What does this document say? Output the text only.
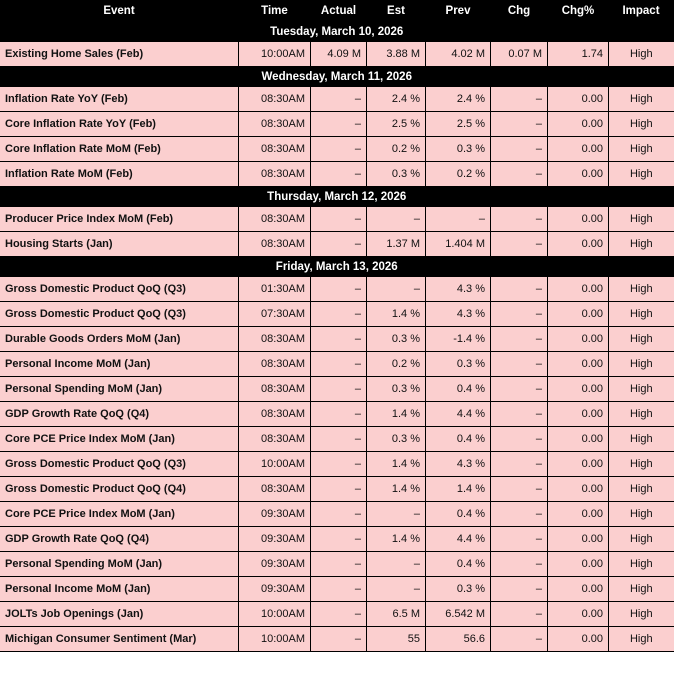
Event	Time	Actual	Est	Prev	Chg	Chg%	Impact
Tuesday, March 10, 2026							
Existing Home Sales (Feb)	10:00AM	4.09 M	3.88 M	4.02 M	0.07 M	1.74	High
Wednesday, March 11, 2026							
Inflation Rate YoY (Feb)	08:30AM	–	2.4 %	2.4 %	–	0.00	High
Core Inflation Rate YoY (Feb)	08:30AM	–	2.5 %	2.5 %	–	0.00	High
Core Inflation Rate MoM (Feb)	08:30AM	–	0.2 %	0.3 %	–	0.00	High
Inflation Rate MoM (Feb)	08:30AM	–	0.3 %	0.2 %	–	0.00	High
Thursday, March 12, 2026							
Producer Price Index MoM (Feb)	08:30AM	–	–	–	–	0.00	High
Housing Starts (Jan)	08:30AM	–	1.37 M	1.404 M	–	0.00	High
Friday, March 13, 2026							
Gross Domestic Product QoQ (Q3)	01:30AM	–	–	4.3 %	–	0.00	High
Gross Domestic Product QoQ (Q3)	07:30AM	–	1.4 %	4.3 %	–	0.00	High
Durable Goods Orders MoM (Jan)	08:30AM	–	0.3 %	-1.4 %	–	0.00	High
Personal Income MoM (Jan)	08:30AM	–	0.2 %	0.3 %	–	0.00	High
Personal Spending MoM (Jan)	08:30AM	–	0.3 %	0.4 %	–	0.00	High
GDP Growth Rate QoQ (Q4)	08:30AM	–	1.4 %	4.4 %	–	0.00	High
Core PCE Price Index MoM (Jan)	08:30AM	–	0.3 %	0.4 %	–	0.00	High
Gross Domestic Product QoQ (Q3)	10:00AM	–	1.4 %	4.3 %	–	0.00	High
Gross Domestic Product QoQ (Q4)	08:30AM	–	1.4 %	1.4 %	–	0.00	High
Core PCE Price Index MoM (Jan)	09:30AM	–	–	0.4 %	–	0.00	High
GDP Growth Rate QoQ (Q4)	09:30AM	–	1.4 %	4.4 %	–	0.00	High
Personal Spending MoM (Jan)	09:30AM	–	–	0.4 %	–	0.00	High
Personal Income MoM (Jan)	09:30AM	–	–	0.3 %	–	0.00	High
JOLTs Job Openings (Jan)	10:00AM	–	6.5 M	6.542 M	–	0.00	High
Michigan Consumer Sentiment (Mar)	10:00AM	–	55	56.6	–	0.00	High
